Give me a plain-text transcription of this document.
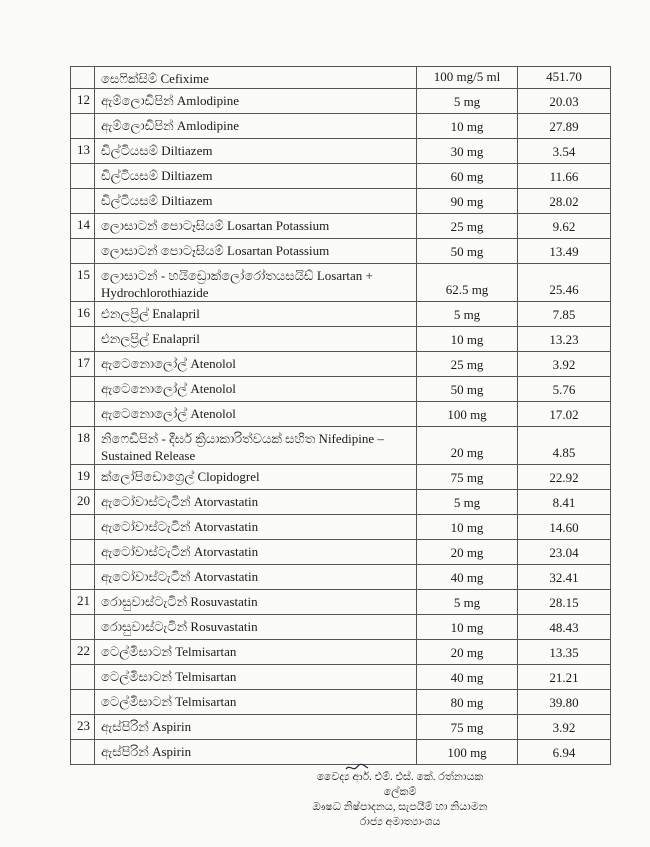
	සෙෆික්සිම් Cefixime	100 mg/5 ml	451.70
12	ඇම්ලොඩිපින් Amlodipine	5 mg	20.03
	ඇම්ලොඩිපින් Amlodipine	10 mg	27.89
13	ඩිල්ටියසම් Diltiazem	30 mg	3.54
	ඩිල්ටියසම් Diltiazem	60 mg	11.66
	ඩිල්ටියසම් Diltiazem	90 mg	28.02
14	ලොසාටන් පොටෑසියම් Losartan Potassium	25 mg	9.62
	ලොසාටන් පොටෑසියම් Losartan Potassium	50 mg	13.49
15	ලොසාටන් - හයිඩ්‍රොක්ලෝරෝතයසයිඩ් Losartan + Hydrochlorothiazide	62.5 mg	25.46
16	එනලප්‍රිල් Enalapril	5 mg	7.85
	එනලප්‍රිල් Enalapril	10 mg	13.23
17	ඇටෙනොලෝල් Atenolol	25 mg	3.92
	ඇටෙනොලෝල් Atenolol	50 mg	5.76
	ඇටෙනොලෝල් Atenolol	100 mg	17.02
18	නිෆෙඩිපින් - දීර්ඝ ක්‍රියාකාරිත්වයක් සහිත Nifedipine – Sustained Release	20 mg	4.85
19	ක්ලෝපිඩොග්‍රෙල් Clopidogrel	75 mg	22.92
20	ඇටෝවාස්ටැටින් Atorvastatin	5 mg	8.41
	ඇටෝවාස්ටැටින් Atorvastatin	10 mg	14.60
	ඇටෝවාස්ටැටින් Atorvastatin	20 mg	23.04
	ඇටෝවාස්ටැටින් Atorvastatin	40 mg	32.41
21	රොසුවාස්ටැටින් Rosuvastatin	5 mg	28.15
	රොසුවාස්ටැටින් Rosuvastatin	10 mg	48.43
22	ටෙල්මිසාටන් Telmisartan	20 mg	13.35
	ටෙල්මිසාටන් Telmisartan	40 mg	21.21
	ටෙල්මිසාටන් Telmisartan	80 mg	39.80
23	ඇස්පිරින් Aspirin	75 mg	3.92
	ඇස්පිරින් Aspirin	100 mg	6.94
වෛද්‍ය ආර්. එම්. එස්. කේ. රත්නායක
ලේකම්
ඖෂධ නිෂ්පාදනය, සැපයීම් හා නියාමන
රාජ්‍ය අමාත්‍යාංශය
